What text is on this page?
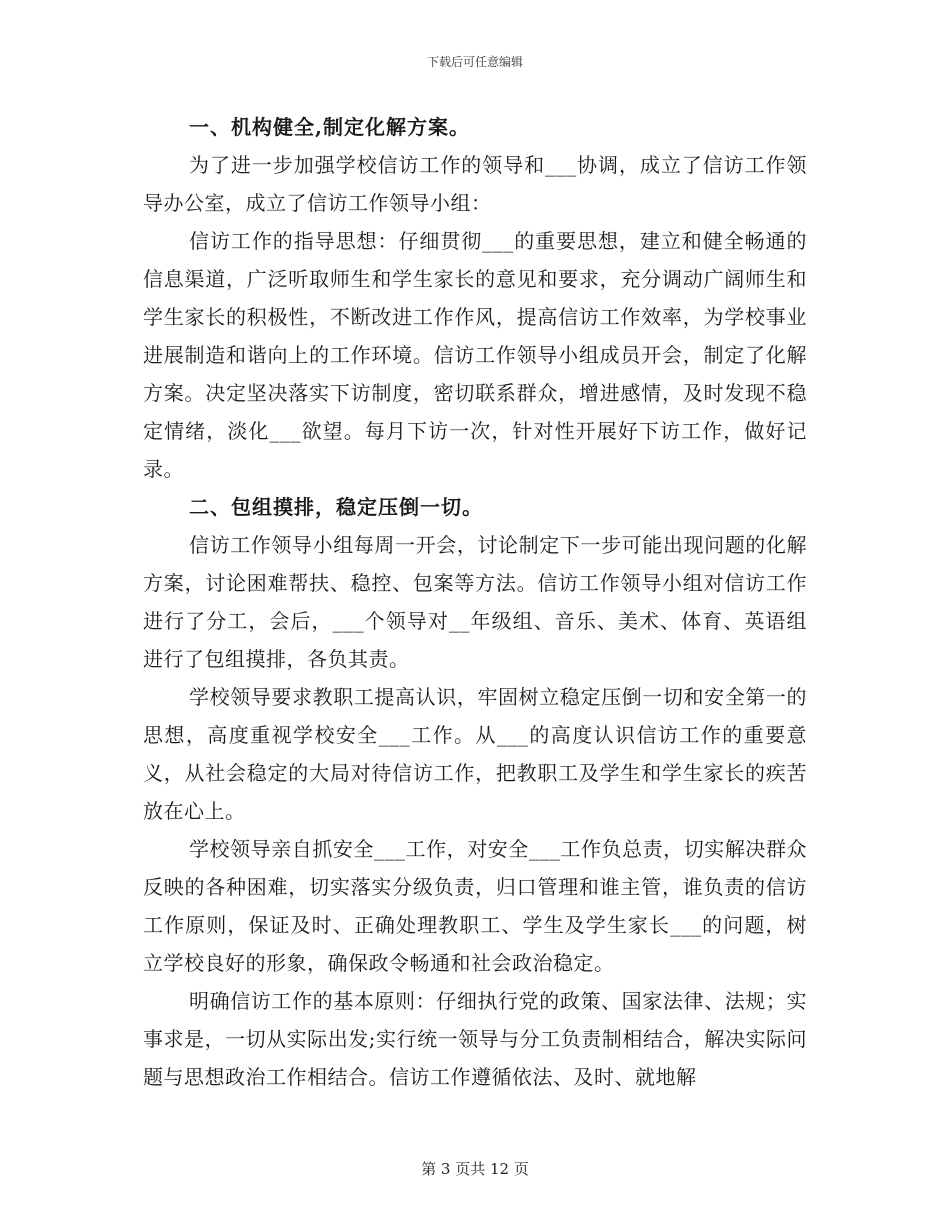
下载后可任意编辑
一、机构健全,制定化解方案。

为了进一步加强学校信访工作的领导和___协调，成立了信访工作领导办公室，成立了信访工作领导小组：

信访工作的指导思想：仔细贯彻___的重要思想，建立和健全畅通的信息渠道，广泛听取师生和学生家长的意见和要求，充分调动广阔师生和学生家长的积极性，不断改进工作作风，提高信访工作效率，为学校事业进展制造和谐向上的工作环境。信访工作领导小组成员开会，制定了化解方案。决定坚决落实下访制度，密切联系群众，增进感情，及时发现不稳定情绪，淡化___欲望。每月下访一次，针对性开展好下访工作，做好记录。

二、包组摸排，稳定压倒一切。

信访工作领导小组每周一开会，讨论制定下一步可能出现问题的化解方案，讨论困难帮扶、稳控、包案等方法。信访工作领导小组对信访工作进行了分工，会后，___个领导对__年级组、音乐、美术、体育、英语组进行了包组摸排，各负其责。

学校领导要求教职工提高认识，牢固树立稳定压倒一切和安全第一的思想，高度重视学校安全___工作。从___的高度认识信访工作的重要意义，从社会稳定的大局对待信访工作，把教职工及学生和学生家长的疾苦放在心上。

学校领导亲自抓安全___工作，对安全___工作负总责，切实解决群众反映的各种困难，切实落实分级负责，归口管理和谁主管，谁负责的信访工作原则，保证及时、正确处理教职工、学生及学生家长___的问题，树立学校良好的形象，确保政令畅通和社会政治稳定。

明确信访工作的基本原则：仔细执行党的政策、国家法律、法规；实事求是，一切从实际出发;实行统一领导与分工负责制相结合，解决实际问题与思想政治工作相结合。信访工作遵循依法、及时、就地解

第 3 页共 12 页
